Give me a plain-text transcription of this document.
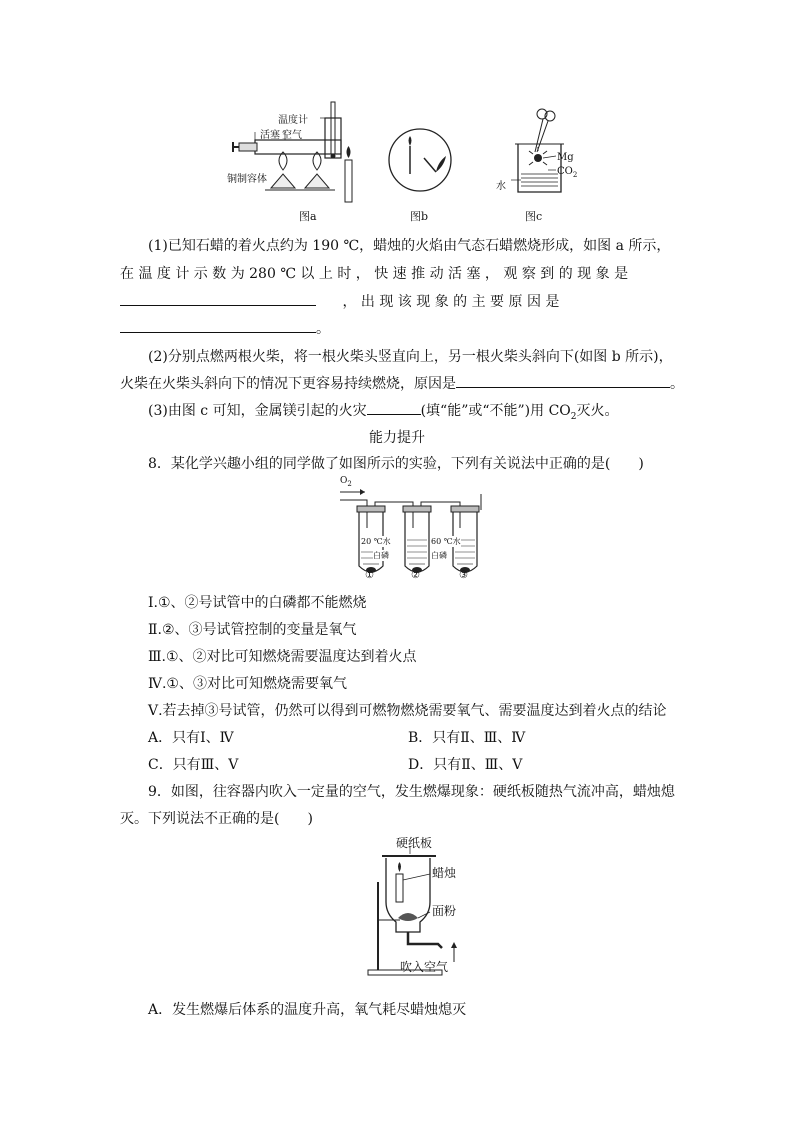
温度计
活塞 空气
铜制容体
图a	图b
Mg
$CO_2$
水
图c
(1)已知石蜡的着火点约为 190 ℃，蜡烛的火焰由气态石蜡燃烧形成，如图 a 所示，
在 温 度 计 示 数 为 280 ℃ 以 上 时 ， 快 速 推 动 活 塞 ， 观 察 到 的 现 象 是
， 出 现 该 现 象 的 主 要 原 因 是
。
(2)分别点燃两根火柴，将一根火柴头竖直向上，另一根火柴头斜向下(如图 b 所示)，
火柴在火柴头斜向下的情况下更容易持续燃烧，原因是	。
(3)由图 c 可知，金属镁引起的火灾	(填“能”或“不能”)用 $CO_2$灭火。
能力提升
8．某化学兴趣小组的同学做了如图所示的实验，下列有关说法中正确的是(　　)
$O_2$
20 ℃水
白磷
60 ℃水
白磷
①	②	③
Ⅰ.①、②号试管中的白磷都不能燃烧
Ⅱ.②、③号试管控制的变量是氧气
Ⅲ.①、②对比可知燃烧需要温度达到着火点
Ⅳ.①、③对比可知燃烧需要氧气
Ⅴ.若去掉③号试管，仍然可以得到可燃物燃烧需要氧气、需要温度达到着火点的结论
A．只有Ⅰ、Ⅳ	B．只有Ⅱ、Ⅲ、Ⅳ
C．只有Ⅲ、Ⅴ	D．只有Ⅱ、Ⅲ、Ⅴ
9．如图，往容器内吹入一定量的空气，发生燃爆现象：硬纸板随热气流冲高，蜡烛熄
灭。下列说法不正确的是(　　)
硬纸板
蜡烛
面粉
吹入空气
A．发生燃爆后体系的温度升高，氧气耗尽蜡烛熄灭
